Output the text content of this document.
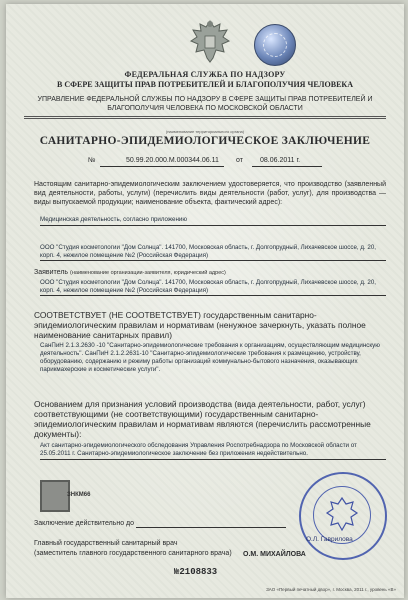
ФЕДЕРАЛЬНАЯ СЛУЖБА ПО НАДЗОРУ
В СФЕРЕ ЗАЩИТЫ ПРАВ ПОТРЕБИТЕЛЕЙ И БЛАГОПОЛУЧИЯ ЧЕЛОВЕКА
УПРАВЛЕНИЕ ФЕДЕРАЛЬНОЙ СЛУЖБЫ ПО НАДЗОРУ В СФЕРЕ ЗАЩИТЫ ПРАВ ПОТРЕБИТЕЛЕЙ И БЛАГОПОЛУЧИЯ ЧЕЛОВЕКА ПО МОСКОВСКОЙ ОБЛАСТИ
(наименование территориального органа)
САНИТАРНО-ЭПИДЕМИОЛОГИЧЕСКОЕ ЗАКЛЮЧЕНИЕ
№	50.99.20.000.М.000344.06.11 от 08.06.2011 г.
Настоящим санитарно-эпидемиологическим заключением удостоверяется, что производство (заявленный вид деятельности, работы, услуги) (перечислить виды деятельности (работ, услуг), для производства — виды выпускаемой продукции; наименование объекта, фактический адрес):
Медицинская деятельность, согласно приложению
ООО "Студия косметологии "Дом Солнца". 141700, Московская область, г. Долгопрудный, Лихачевское шоссе, д. 20, корп. 4, нежилое помещение №2 (Российская Федерация)
Заявитель (наименование организации-заявителя, юридический адрес)
ООО "Студия косметологии "Дом Солнца". 141700, Московская область, г. Долгопрудный, Лихачевское шоссе, д. 20, корп. 4, нежилое помещение №2 (Российская Федерация)
СООТВЕТСТВУЕТ (НЕ СООТВЕТСТВУЕТ) государственным санитарно-эпидемиологическим правилам и нормативам (ненужное зачеркнуть, указать полное наименование санитарных правил)
СанПиН 2.1.3.2630 -10 "Санитарно-эпидемиологические требования к организациям, осуществляющим медицинскую деятельность". СанПиН 2.1.2.2631-10 "Санитарно-эпидемиологические требования к размещению, устройству, оборудованию, содержанию и режиму работы организаций коммунально-бытового назначения, оказывающих парикмахерские и косметические услуги".
Основанием для признания условий производства (вида деятельности, работ, услуг) соответствующими (не соответствующими) государственным санитарно-эпидемиологическим правилам и нормативам являются (перечислить рассмотренные документы):
Акт санитарно-эпидемиологического обследования Управления Роспотребнадзора по Московской области от 25.05.2011 г. Санитарно-эпидемиологическое заключение без приложения недействительно.
ЗНКМ66
Заключение действительно до
Главный государственный санитарный врач
(заместитель главного государственного санитарного врача)	О.М. МИХАЙЛОВА
О.Л. Гаврилова
№2108833
ЗАО «Первый печатный двор», г. Москва, 2011 г., уровень «В»
